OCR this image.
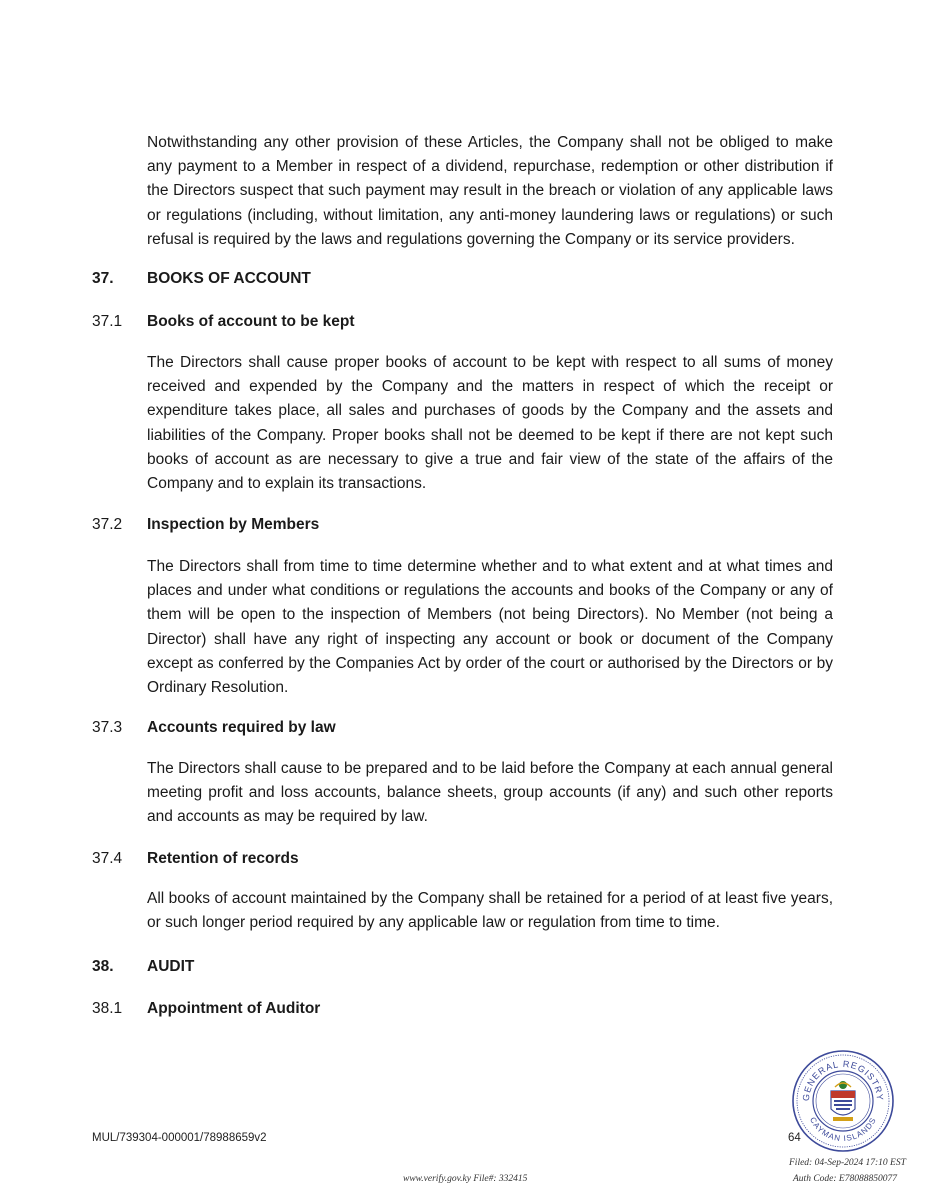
Notwithstanding any other provision of these Articles, the Company shall not be obliged to make any payment to a Member in respect of a dividend, repurchase, redemption or other distribution if the Directors suspect that such payment may result in the breach or violation of any applicable laws or regulations (including, without limitation, any anti-money laundering laws or regulations) or such refusal is required by the laws and regulations governing the Company or its service providers.

37.	BOOKS OF ACCOUNT
37.1	Books of account to be kept

The Directors shall cause proper books of account to be kept with respect to all sums of money received and expended by the Company and the matters in respect of which the receipt or expenditure takes place, all sales and purchases of goods by the Company and the assets and liabilities of the Company. Proper books shall not be deemed to be kept if there are not kept such books of account as are necessary to give a true and fair view of the state of the affairs of the Company and to explain its transactions.

37.2	Inspection by Members

The Directors shall from time to time determine whether and to what extent and at what times and places and under what conditions or regulations the accounts and books of the Company or any of them will be open to the inspection of Members (not being Directors). No Member (not being a Director) shall have any right of inspecting any account or book or document of the Company except as conferred by the Companies Act by order of the court or authorised by the Directors or by Ordinary Resolution.

37.3	Accounts required by law

The Directors shall cause to be prepared and to be laid before the Company at each annual general meeting profit and loss accounts, balance sheets, group accounts (if any) and such other reports and accounts as may be required by law.

37.4	Retention of records

All books of account maintained by the Company shall be retained for a period of at least five years, or such longer period required by any applicable law or regulation from time to time.

38.	AUDIT
38.1	Appointment of Auditor
GENERAL REGISTRY
CAYMAN ISLANDS
MUL/739304-000001/78988659v2	64
www.verify.gov.ky File#: 332415
Filed: 04-Sep-2024 17:10 EST
Auth Code: E78088850077
